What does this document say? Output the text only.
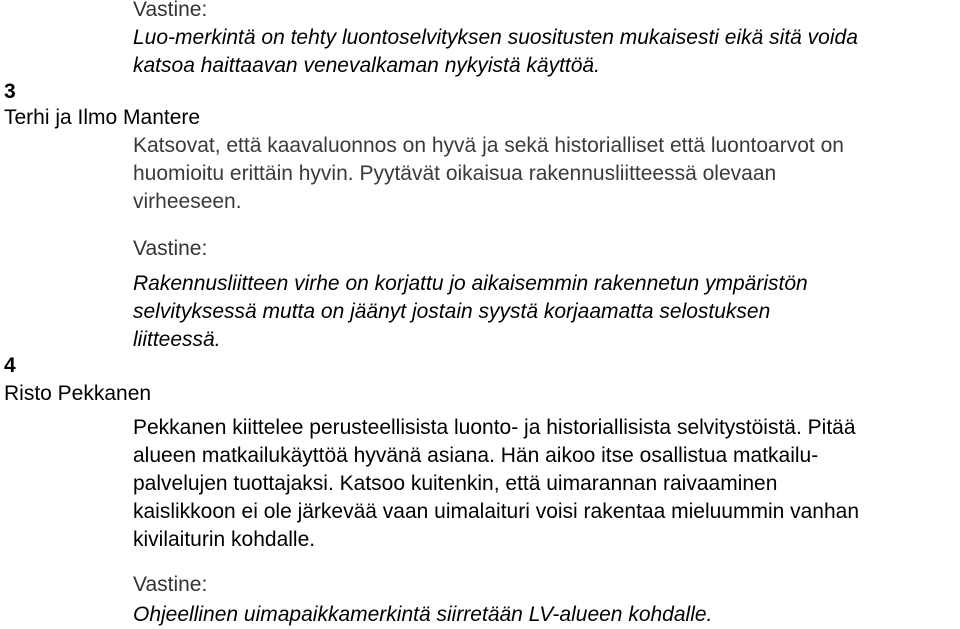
Vastine:

Luo-merkintä on tehty luontoselvityksen suositusten mukaisesti eikä sitä voida

katsoa haittaavan venevalkaman nykyistä käyttöä.

3

Terhi ja Ilmo Mantere

Katsovat, että kaavaluonnos on hyvä ja sekä historialliset että luontoarvot on

huomioitu erittäin hyvin. Pyytävät oikaisua rakennusliitteessä olevaan

virheeseen.

Vastine:

Rakennusliitteen virhe on korjattu jo aikaisemmin rakennetun ympäristön

selvityksessä mutta on jäänyt jostain syystä korjaamatta selostuksen

liitteessä.

4

Risto Pekkanen

Pekkanen kiittelee perusteellisista luonto- ja historiallisista selvitystöistä. Pitää

alueen matkailukäyttöä hyvänä asiana. Hän aikoo itse osallistua matkailu-

palvelujen tuottajaksi. Katsoo kuitenkin, että uimarannan raivaaminen

kaislikkoon ei ole järkevää vaan uimalaituri voisi rakentaa mieluummin vanhan

kivilaiturin kohdalle.

Vastine:

Ohjeellinen uimapaikkamerkintä siirretään LV-alueen kohdalle.
